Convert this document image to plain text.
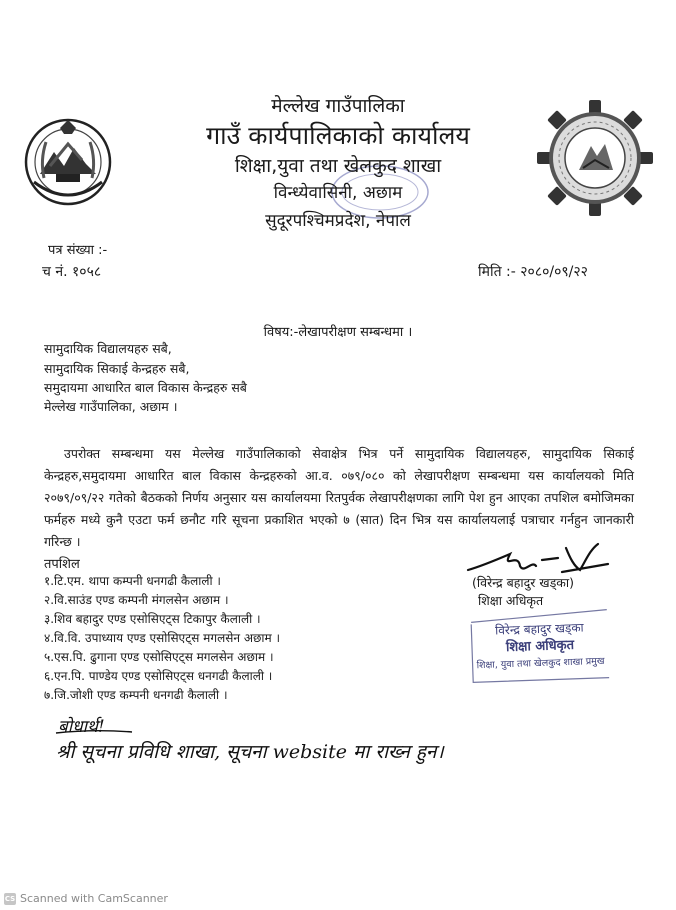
मेल्लेख गाउँपालिका
गाउँ कार्यपालिकाको कार्यालय
शिक्षा,युवा तथा खेलकुद शाखा
विन्ध्येवासिनी, अछाम
सुदूरपश्चिमप्रदेश, नेपाल
पत्र संख्या :-
च नं. १०५८	मिति :- २०८०/०९/२२
विषय:-लेखापरीक्षण सम्बन्धमा ।
सामुदायिक विद्यालयहरु सबै,
सामुदायिक सिकाई केन्द्रहरु सबै,
समुदायमा आधारित बाल विकास केन्द्रहरु सबै
मेल्लेख गाउँपालिका, अछाम ।
उपरोक्त सम्बन्धमा यस मेल्लेख गाउँपालिकाको सेवाक्षेत्र भित्र पर्ने सामुदायिक विद्यालयहरु, सामुदायिक सिकाई केन्द्रहरु,समुदायमा आधारित बाल विकास केन्द्रहरुको आ.व. ०७९/०८० को लेखापरीक्षण सम्बन्धमा यस कार्यालयको मिति २०७९/०९/२२ गतेको बैठकको निर्णय अनुसार यस कार्यालयमा रितपुर्वक लेखापरीक्षणका लागि पेश हुन आएका तपशिल बमोजिमका फर्महरु मध्ये कुनै एउटा फर्म छनौट गरि सूचना प्रकाशित भएको ७ (सात) दिन भित्र यस कार्यालयलाई पत्राचार गर्नहुन जानकारी गरिन्छ ।
तपशिल
१.टि.एम. थापा कम्पनी धनगढी कैलाली ।
२.वि.साउंड एण्ड कम्पनी मंगलसेन अछाम ।
३.शिव बहादुर एण्ड एसोसिएट्स टिकापुर कैलाली ।
४.वि.वि. उपाध्याय एण्ड एसोसिएट्स मगलसेन अछाम ।
५.एस.पि. ढुगाना एण्ड एसोसिएट्स मगलसेन अछाम ।
६.एन.पि. पाण्डेय एण्ड एसोसिएट्स धनगढी कैलाली ।
७.जि.जोशी एण्ड कम्पनी धनगढी कैलाली ।
(विरेन्द्र बहादुर खड्का)
शिक्षा अधिकृत
विरेन्द्र बहादुर खड्का
शिक्षा अधिकृत
शिक्षा, युवा तथा खेलकुद शाखा प्रमुख
बोधार्थ!
श्री सूचना प्रविधि शाखा, सूचना website मा राख्न हुन।
CS Scanned with CamScanner
